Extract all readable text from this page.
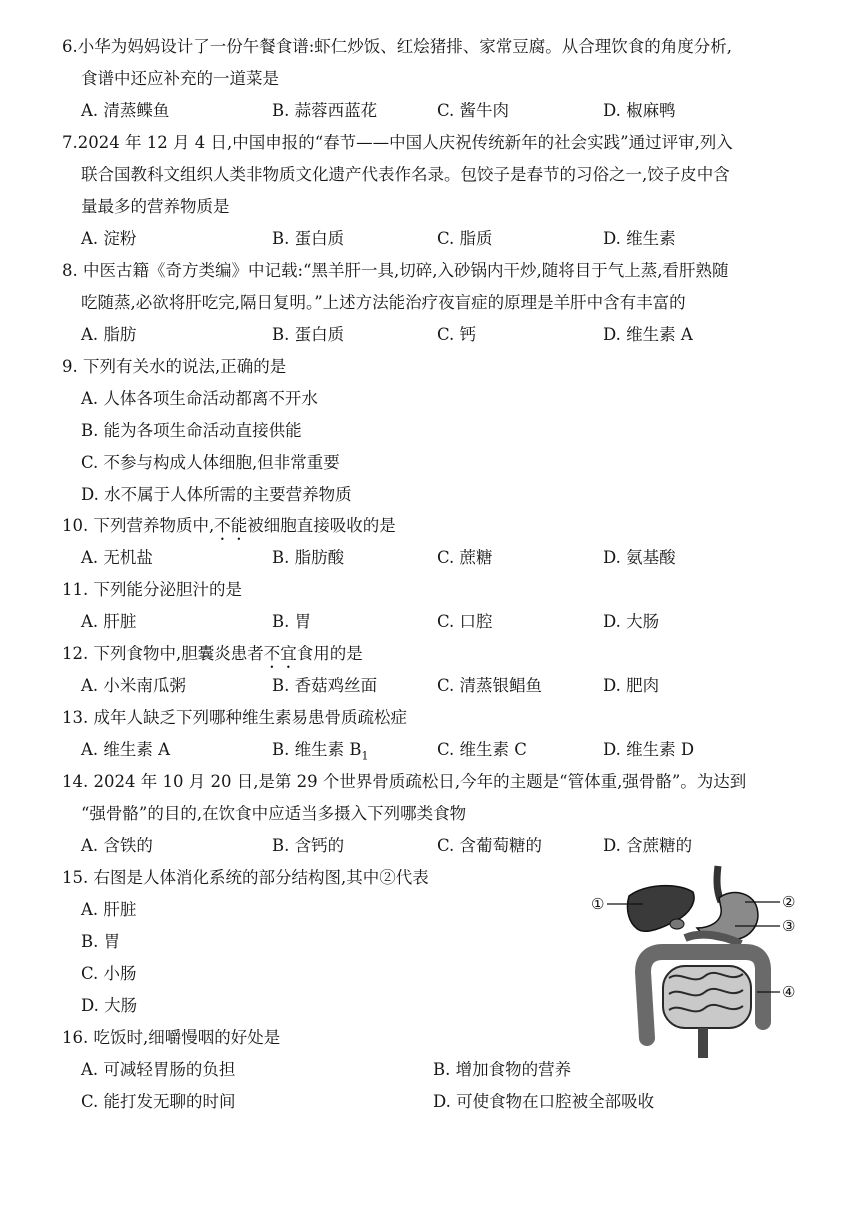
6.小华为妈妈设计了一份午餐食谱:虾仁炒饭、红烩猪排、家常豆腐。从合理饮食的角度分析,
食谱中还应补充的一道菜是
A. 清蒸鲽鱼	B. 蒜蓉西蓝花	C. 酱牛肉	D. 椒麻鸭
7.2024 年 12 月 4 日,中国申报的“春节——中国人庆祝传统新年的社会实践”通过评审,列入
联合国教科文组织人类非物质文化遗产代表作名录。包饺子是春节的习俗之一,饺子皮中含
量最多的营养物质是
A. 淀粉	B. 蛋白质	C. 脂质	D. 维生素
8. 中医古籍《奇方类编》中记载:“黑羊肝一具,切碎,入砂锅内干炒,随将目于气上蒸,看肝熟随
吃随蒸,必欲将肝吃完,隔日复明。”上述方法能治疗夜盲症的原理是羊肝中含有丰富的
A. 脂肪	B. 蛋白质	C. 钙	D. 维生素 A
9. 下列有关水的说法,正确的是
A. 人体各项生命活动都离不开水
B. 能为各项生命活动直接供能
C. 不参与构成人体细胞,但非常重要
D. 水不属于人体所需的主要营养物质
10. 下列营养物质中,不能被细胞直接吸收的是
A. 无机盐	B. 脂肪酸	C. 蔗糖	D. 氨基酸
11. 下列能分泌胆汁的是
A. 肝脏	B. 胃	C. 口腔	D. 大肠
12. 下列食物中,胆囊炎患者不宜食用的是
A. 小米南瓜粥	B. 香菇鸡丝面	C. 清蒸银鲳鱼	D. 肥肉
13. 成年人缺乏下列哪种维生素易患骨质疏松症
A. 维生素 A	B. 维生素 $B_1$	C. 维生素 C	D. 维生素 D
14. 2024 年 10 月 20 日,是第 29 个世界骨质疏松日,今年的主题是“管体重,强骨骼”。为达到
“强骨骼”的目的,在饮食中应适当多摄入下列哪类食物
A. 含铁的	B. 含钙的	C. 含葡萄糖的	D. 含蔗糖的
15. 右图是人体消化系统的部分结构图,其中②代表
A. 肝脏
B. 胃
C. 小肠
D. 大肠
16. 吃饭时,细嚼慢咽的好处是
A. 可减轻胃肠的负担	B. 增加食物的营养
C. 能打发无聊的时间	D. 可使食物在口腔被全部吸收
①	②
③
④
